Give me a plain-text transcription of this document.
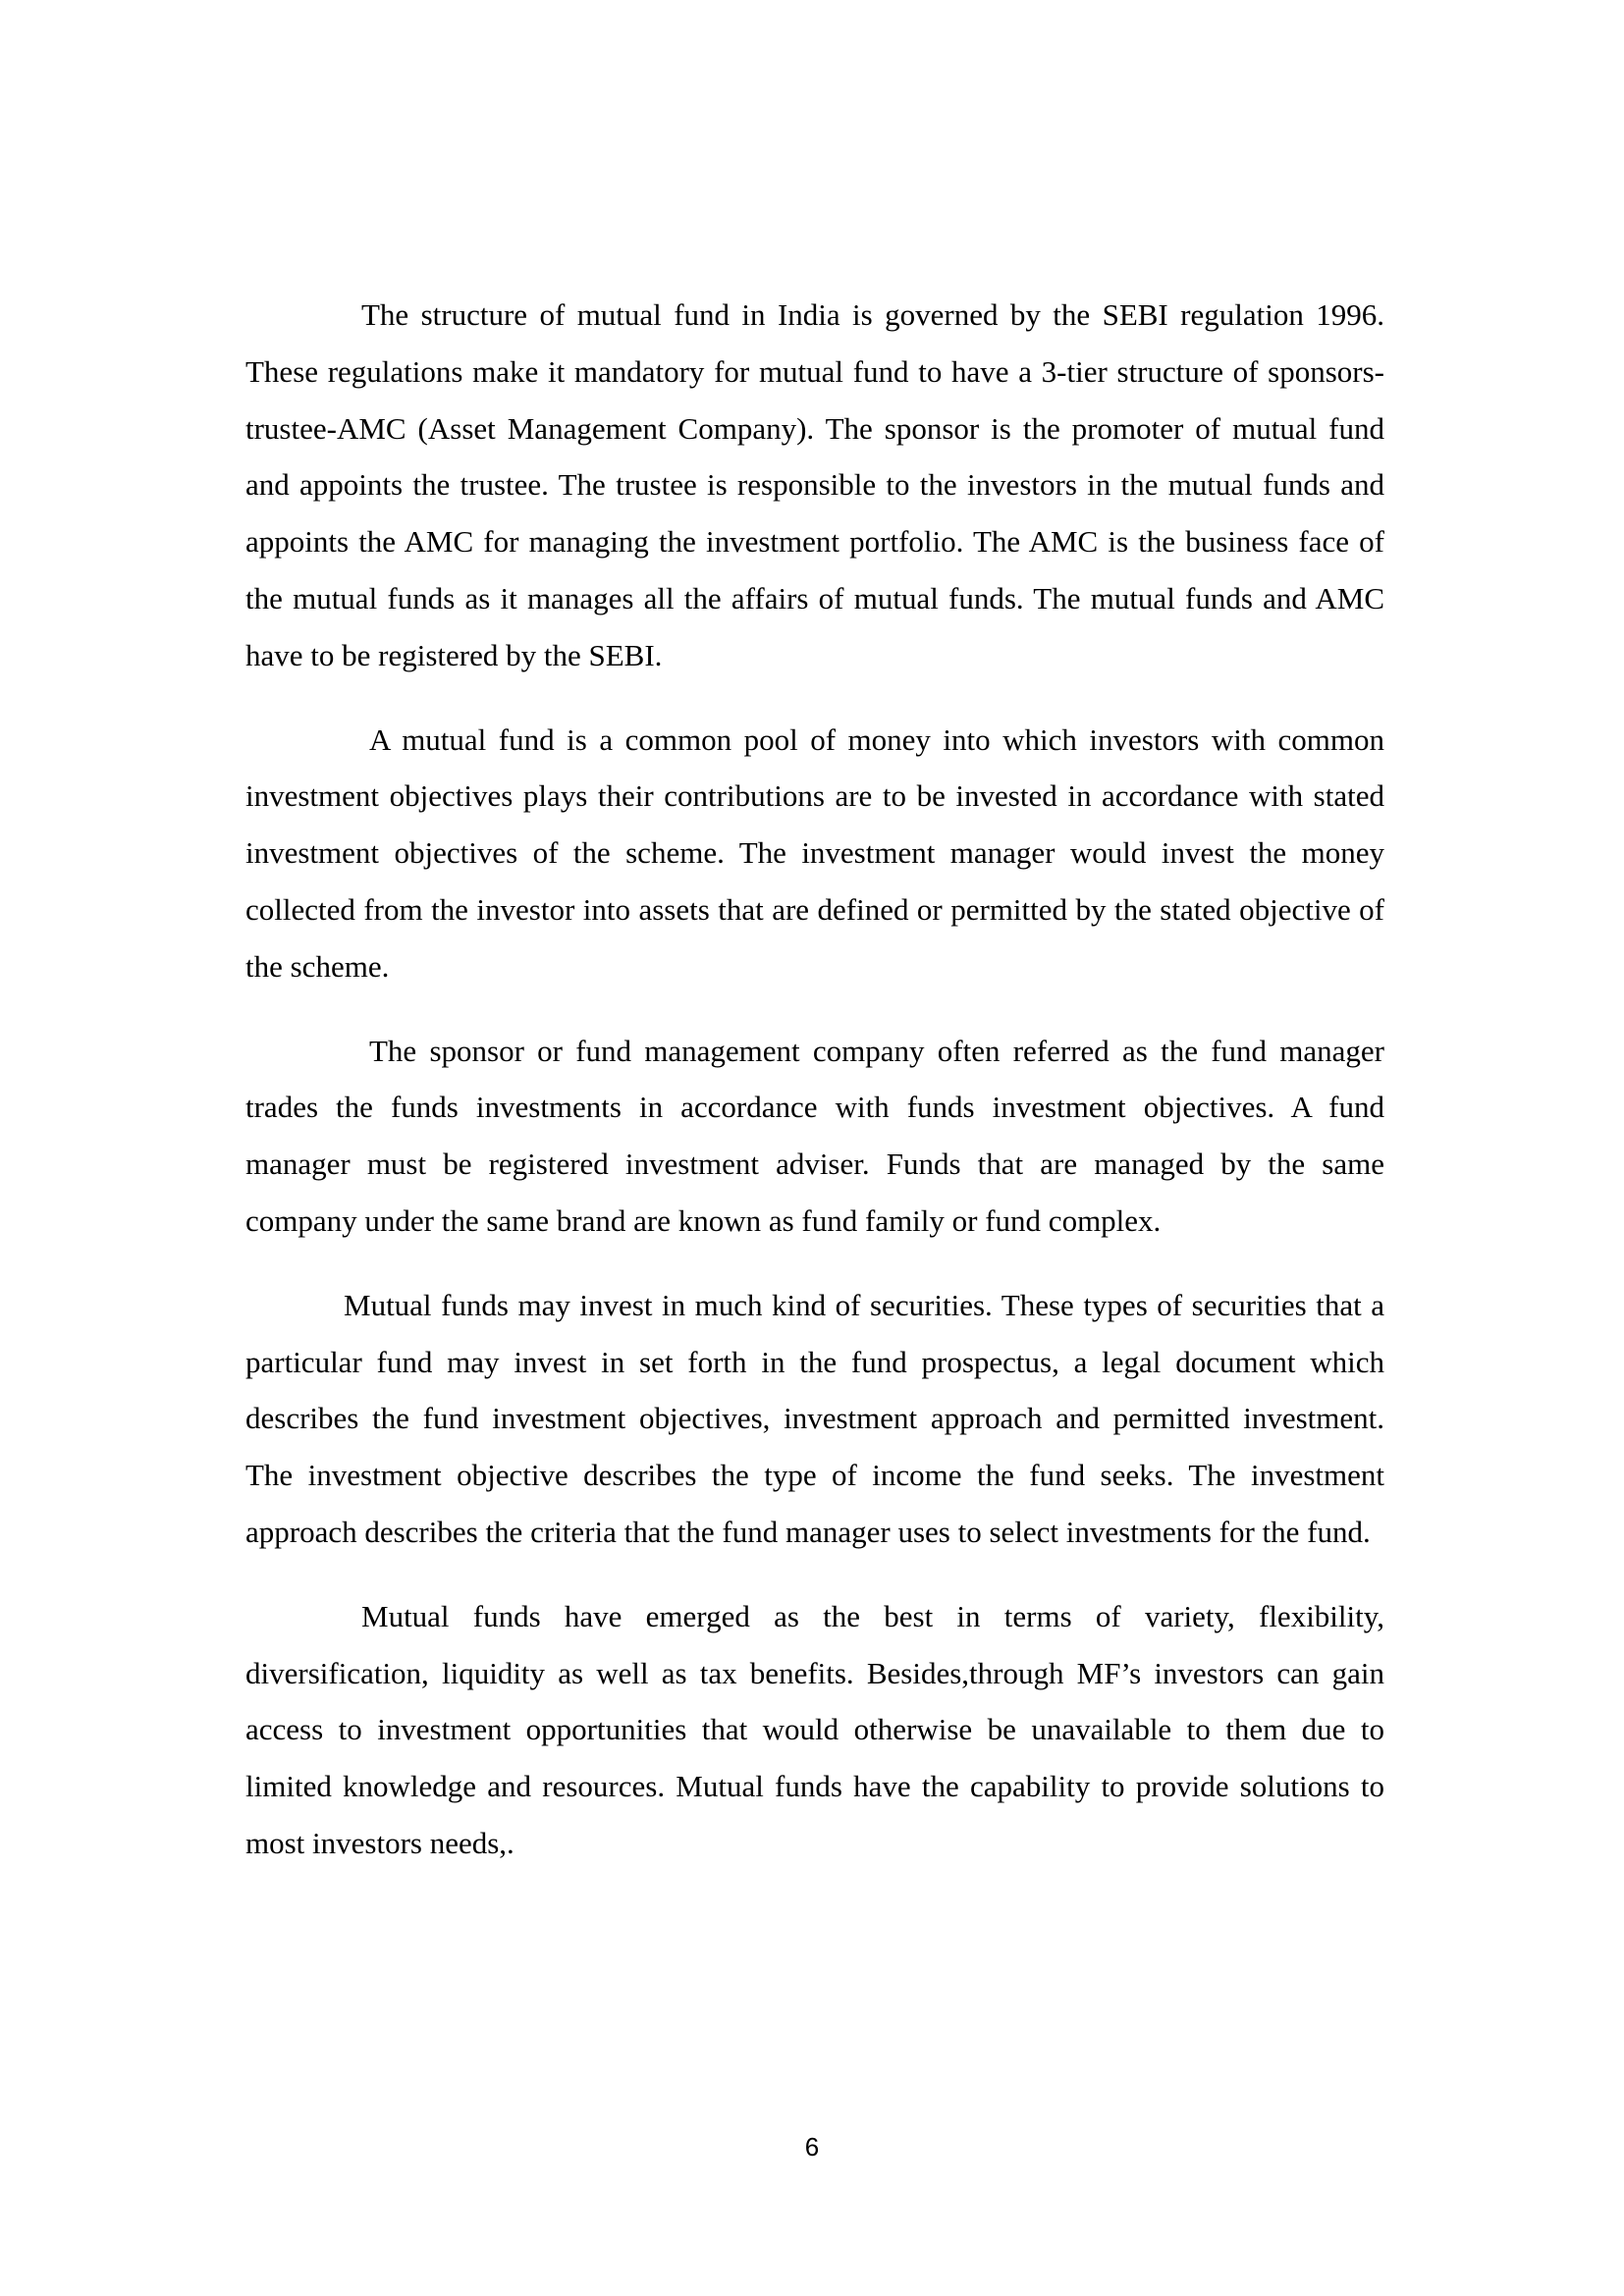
The structure of mutual fund in India is governed by the SEBI regulation 1996. These regulations make it mandatory for mutual fund to have a 3-tier structure of sponsors-trustee-AMC (Asset Management Company). The sponsor is the promoter of mutual fund and appoints the trustee. The trustee is responsible to the investors in the mutual funds and appoints the AMC for managing the investment portfolio. The AMC is the business face of the mutual funds as it manages all the affairs of mutual funds. The mutual funds and AMC have to be registered by the SEBI.

A mutual fund is a common pool of money into which investors with common investment objectives plays their contributions are to be invested in accordance with stated investment objectives of the scheme. The investment manager would invest the money collected from the investor into assets that are defined or permitted by the stated objective of the scheme.

The sponsor or fund management company often referred as the fund manager trades the funds investments in accordance with funds investment objectives. A fund manager must be registered investment adviser. Funds that are managed by the same company under the same brand are known as fund family or fund complex.

Mutual funds may invest in much kind of securities. These types of securities that a particular fund may invest in set forth in the fund prospectus, a legal document which describes the fund investment objectives, investment approach and permitted investment. The investment objective describes the type of income the fund seeks. The investment approach describes the criteria that the fund manager uses to select investments for the fund.

Mutual funds have emerged as the best in terms of variety, flexibility, diversification, liquidity as well as tax benefits. Besides,through MF’s investors can gain access to investment opportunities that would otherwise be unavailable to them due to limited knowledge and resources. Mutual funds have the capability to provide solutions to most investors needs,.

6
